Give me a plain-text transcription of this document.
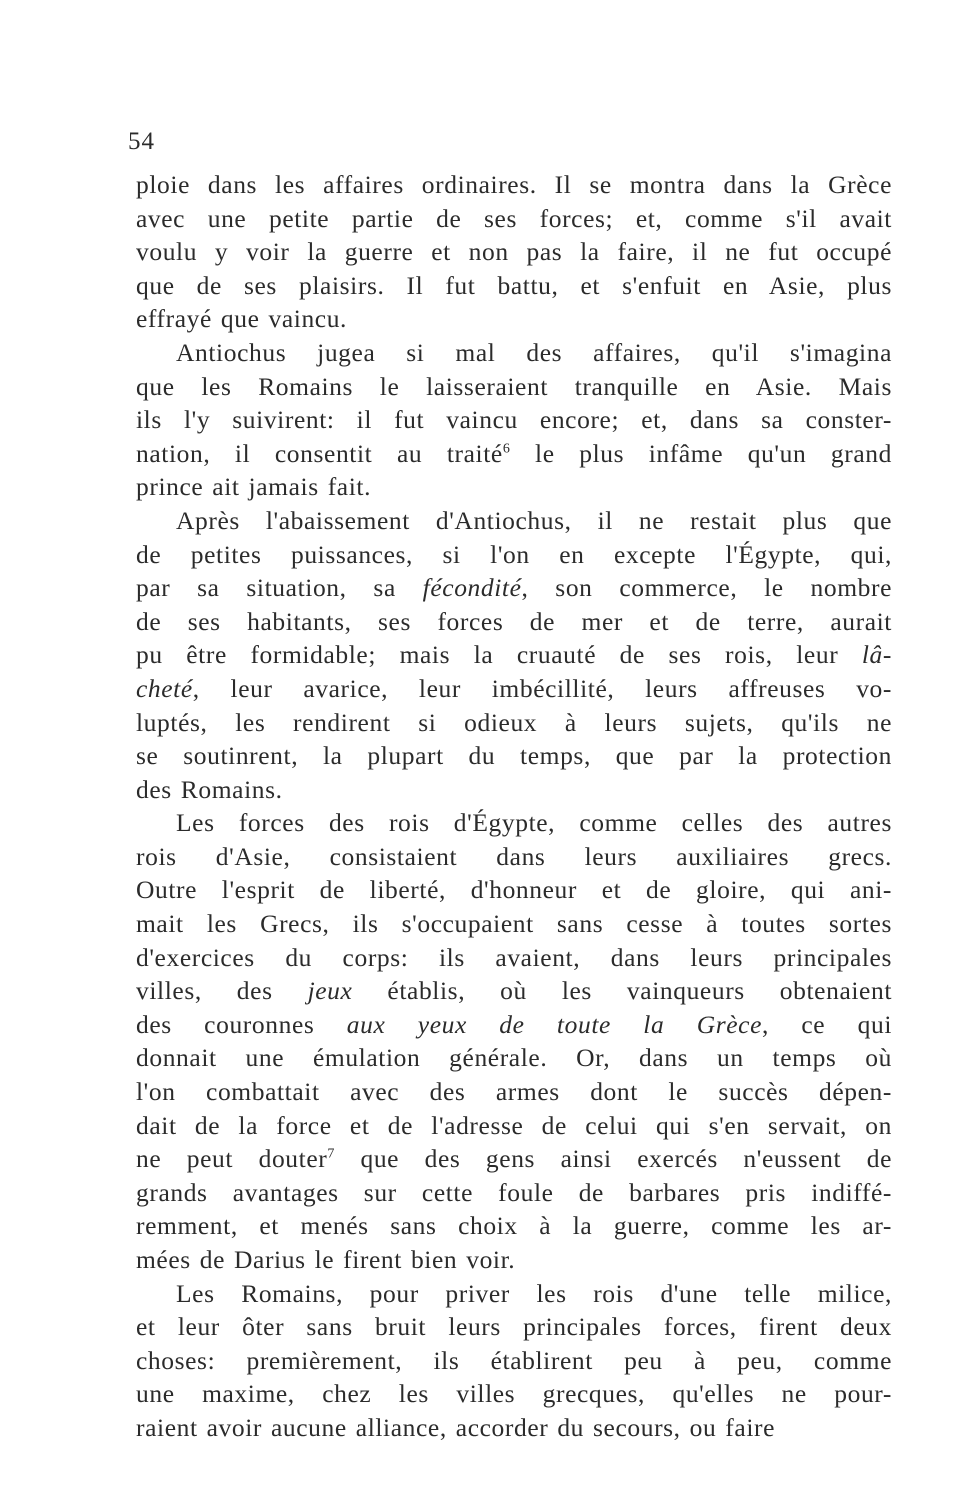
54

ploie dans les affaires ordinaires. Il se montra dans la Grèce
avec une petite partie de ses forces; et, comme s'il avait
voulu y voir la guerre et non pas la faire, il ne fut occupé
que de ses plaisirs. Il fut battu, et s'enfuit en Asie, plus
effrayé que vaincu.

Antiochus jugea si mal des affaires, qu'il s'imagina
que les Romains le laisseraient tranquille en Asie. Mais
ils l'y suivirent: il fut vaincu encore; et, dans sa conster-
nation, il consentit au traité$^6$ le plus infâme qu'un grand
prince ait jamais fait.

Après l'abaissement d'Antiochus, il ne restait plus que
de petites puissances, si l'on en excepte l'Égypte, qui,
par sa situation, sa fécondité, son commerce, le nombre
de ses habitants, ses forces de mer et de terre, aurait
pu être formidable; mais la cruauté de ses rois, leur lâ-
cheté, leur avarice, leur imbécillité, leurs affreuses vo-
luptés, les rendirent si odieux à leurs sujets, qu'ils ne
se soutinrent, la plupart du temps, que par la protection
des Romains.

Les forces des rois d'Égypte, comme celles des autres
rois d'Asie, consistaient dans leurs auxiliaires grecs.
Outre l'esprit de liberté, d'honneur et de gloire, qui ani-
mait les Grecs, ils s'occupaient sans cesse à toutes sortes
d'exercices du corps: ils avaient, dans leurs principales
villes, des jeux établis, où les vainqueurs obtenaient
des couronnes aux yeux de toute la Grèce, ce qui
donnait une émulation générale. Or, dans un temps où
l'on combattait avec des armes dont le succès dépen-
dait de la force et de l'adresse de celui qui s'en servait, on
ne peut douter$^7$ que des gens ainsi exercés n'eussent de
grands avantages sur cette foule de barbares pris indiffé-
remment, et menés sans choix à la guerre, comme les ar-
mées de Darius le firent bien voir.

Les Romains, pour priver les rois d'une telle milice,
et leur ôter sans bruit leurs principales forces, firent deux
choses: premièrement, ils établirent peu à peu, comme
une maxime, chez les villes grecques, qu'elles ne pour-
raient avoir aucune alliance, accorder du secours, ou faire
